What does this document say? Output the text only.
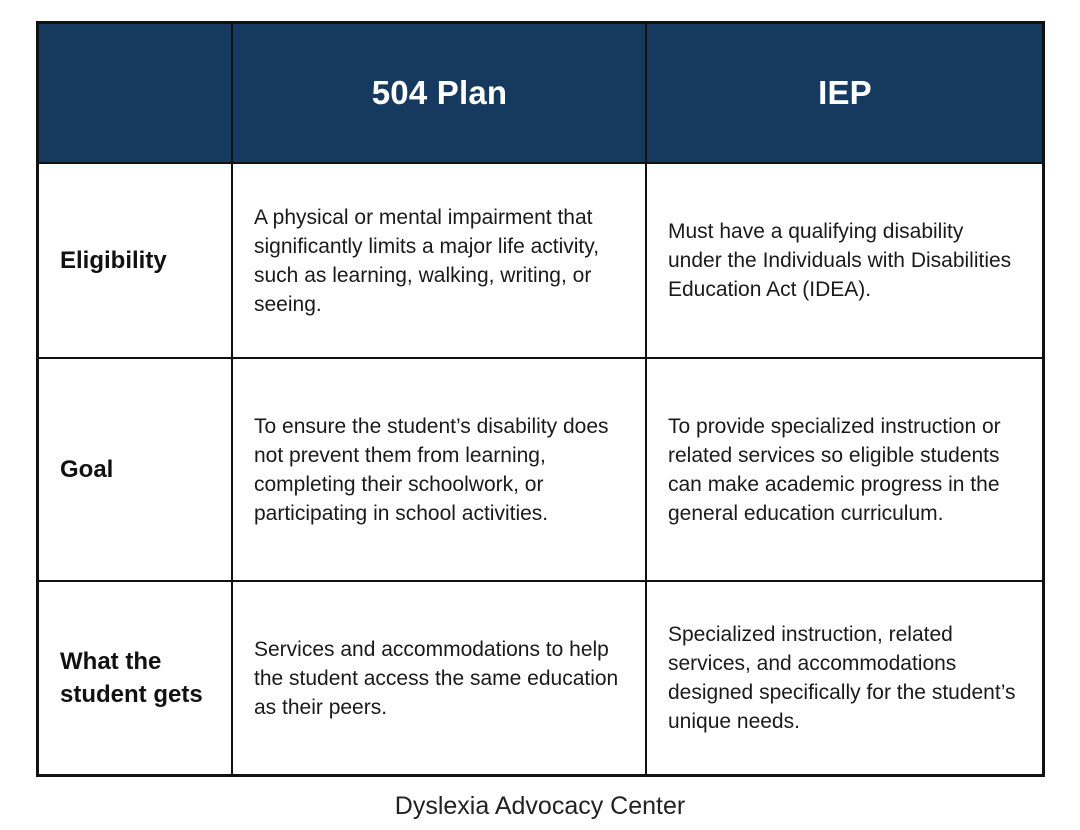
504 Plan	IEP
Eligibility
A physical or mental impairment that significantly limits a major life activity, such as learning, walking, writing, or seeing.
Must have a qualifying disability under the Individuals with Disabilities Education Act (IDEA).
Goal
To ensure the student’s disability does not prevent them from learning, completing their schoolwork, or participating in school activities.
To provide specialized instruction or related services so eligible students can make academic progress in the general education curriculum.
What the student gets
Services and accommodations to help the student access the same education as their peers.
Specialized instruction, related services, and accommodations designed specifically for the student’s unique needs.
Dyslexia Advocacy Center
